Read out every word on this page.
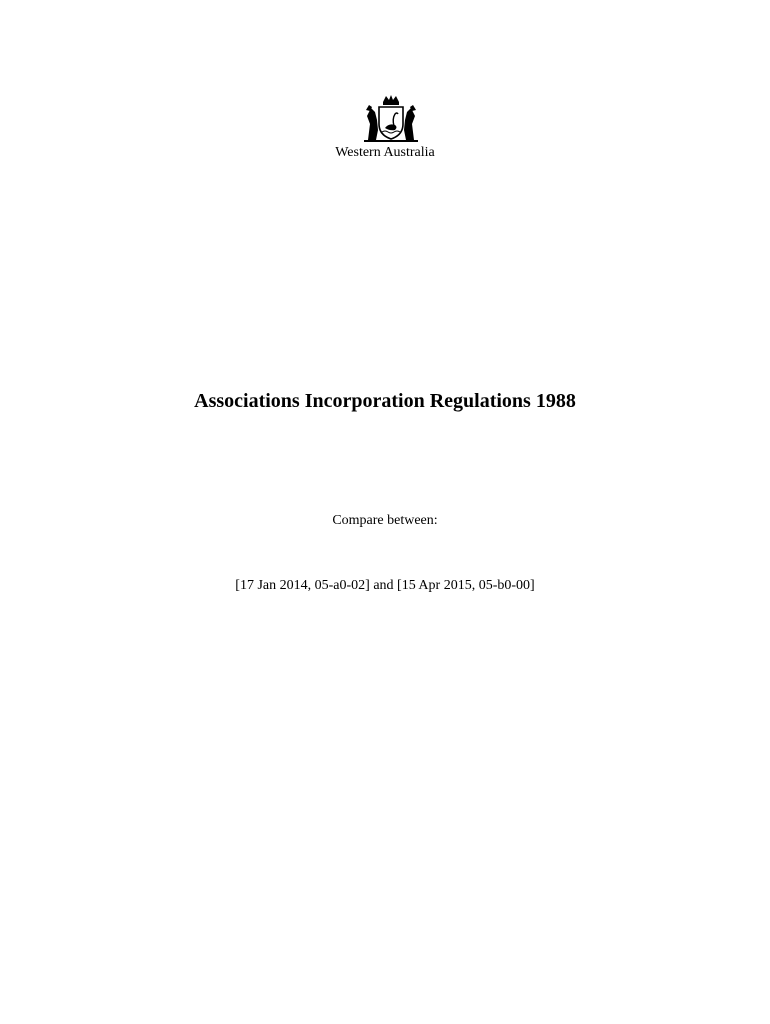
Western Australia
Associations Incorporation Regulations 1988
Compare between:
[17 Jan 2014, 05-a0-02] and [15 Apr 2015, 05-b0-00]
